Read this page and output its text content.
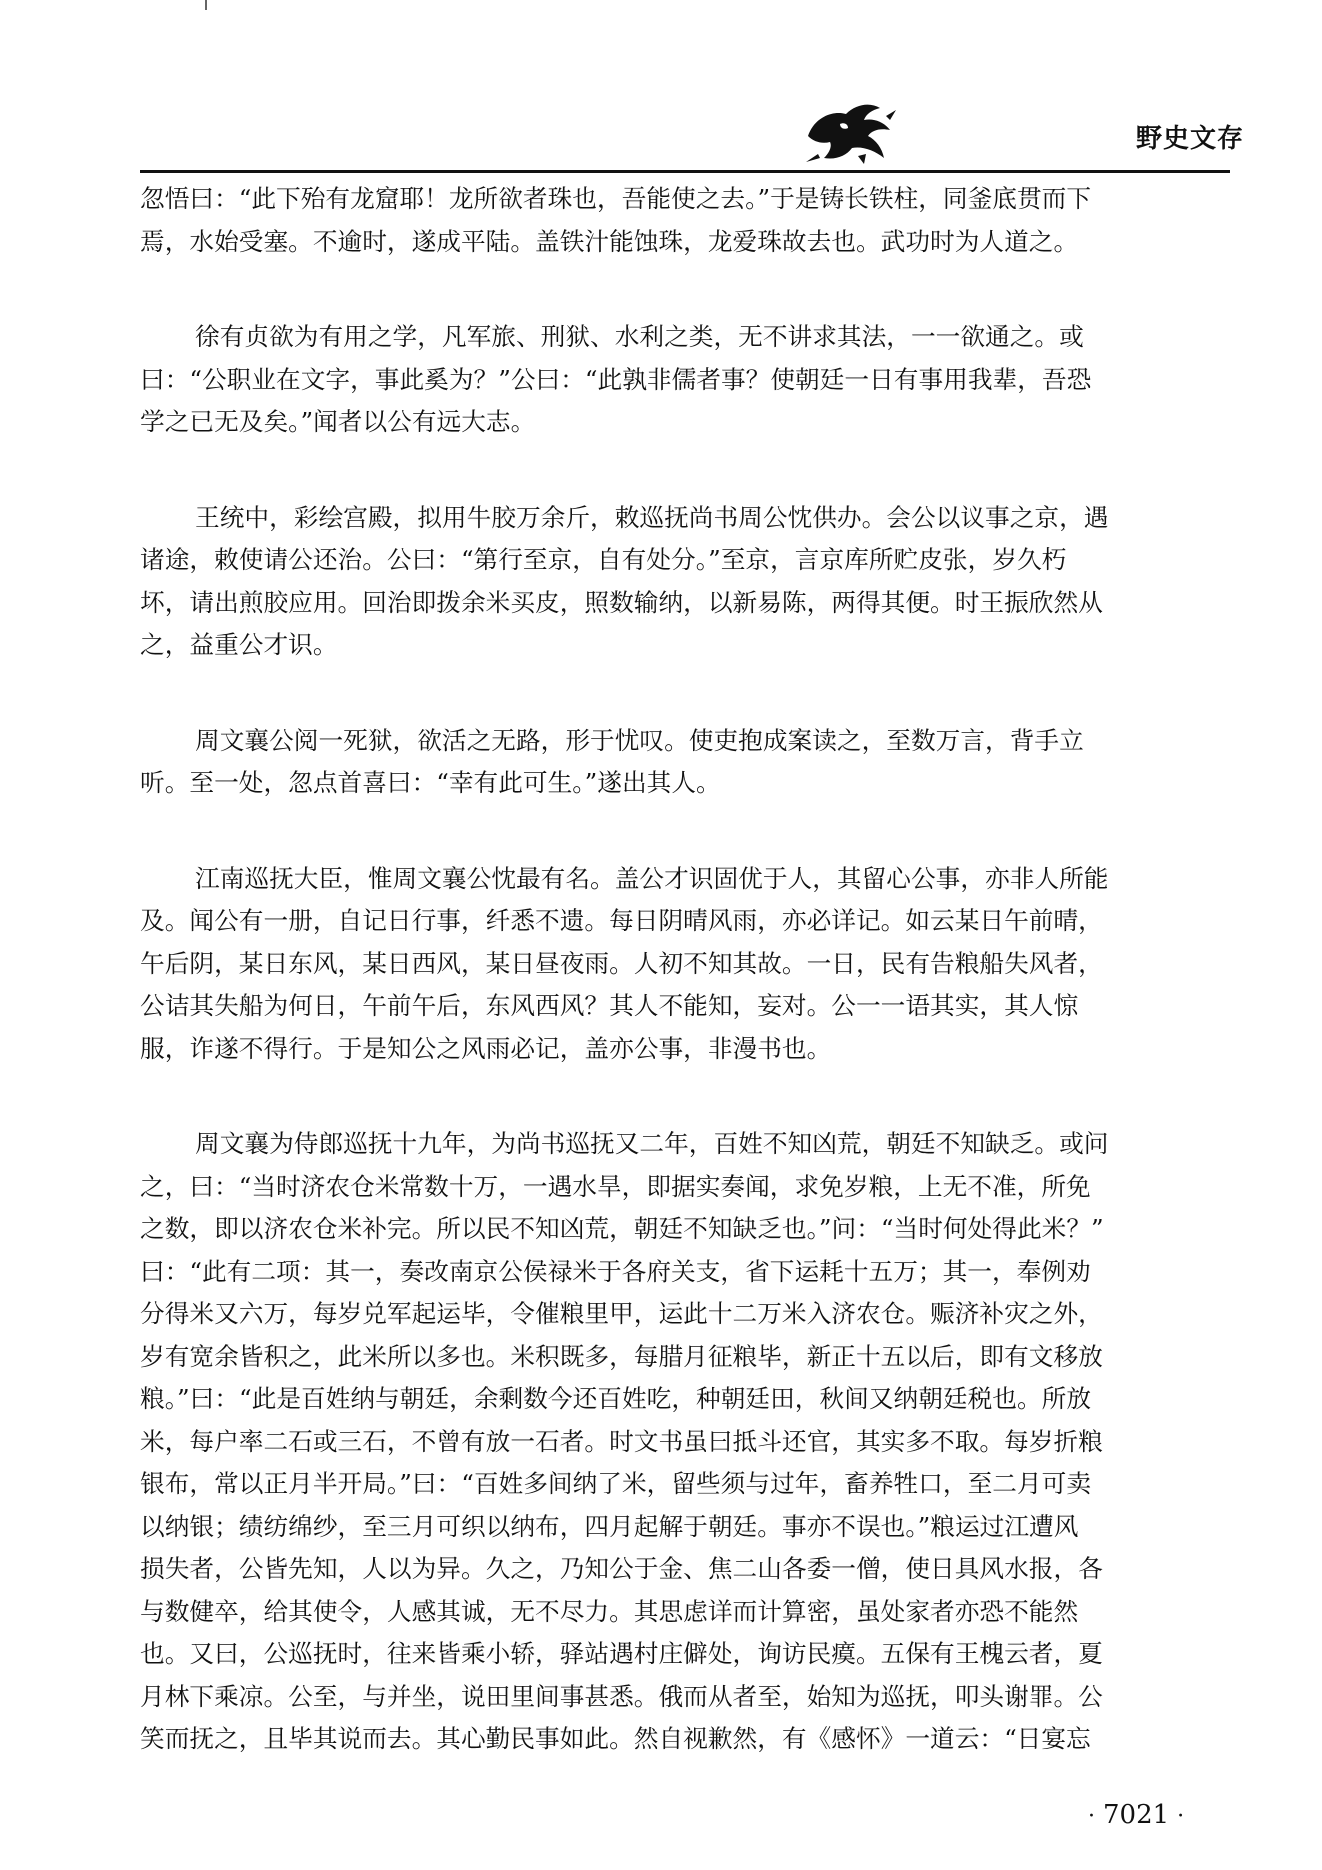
野史文存
忽悟曰：“此下殆有龙窟耶！龙所欲者珠也，吾能使之去。”于是铸长铁柱，同釜底贯而下
焉，水始受塞。不逾时，遂成平陆。盖铁汁能蚀珠，龙爱珠故去也。武功时为人道之。
徐有贞欲为有用之学，凡军旅、刑狱、水利之类，无不讲求其法，一一欲通之。或
曰：“公职业在文字，事此奚为？”公曰：“此孰非儒者事？使朝廷一日有事用我辈，吾恐
学之已无及矣。”闻者以公有远大志。
王统中，彩绘宫殿，拟用牛胶万余斤，敕巡抚尚书周公忱供办。会公以议事之京，遇
诸途，敕使请公还治。公曰：“第行至京，自有处分。”至京，言京库所贮皮张，岁久朽
坏，请出煎胶应用。回治即拨余米买皮，照数输纳，以新易陈，两得其便。时王振欣然从
之，益重公才识。
周文襄公阅一死狱，欲活之无路，形于忧叹。使吏抱成案读之，至数万言，背手立
听。至一处，忽点首喜曰：“幸有此可生。”遂出其人。
江南巡抚大臣，惟周文襄公忱最有名。盖公才识固优于人，其留心公事，亦非人所能
及。闻公有一册，自记日行事，纤悉不遗。每日阴晴风雨，亦必详记。如云某日午前晴，
午后阴，某日东风，某日西风，某日昼夜雨。人初不知其故。一日，民有告粮船失风者，
公诘其失船为何日，午前午后，东风西风？其人不能知，妄对。公一一语其实，其人惊
服，诈遂不得行。于是知公之风雨必记，盖亦公事，非漫书也。
周文襄为侍郎巡抚十九年，为尚书巡抚又二年，百姓不知凶荒，朝廷不知缺乏。或问
之，曰：“当时济农仓米常数十万，一遇水旱，即据实奏闻，求免岁粮，上无不准，所免
之数，即以济农仓米补完。所以民不知凶荒，朝廷不知缺乏也。”问：“当时何处得此米？”
曰：“此有二项：其一，奏改南京公侯禄米于各府关支，省下运耗十五万；其一，奉例劝
分得米又六万，每岁兑军起运毕，令催粮里甲，运此十二万米入济农仓。赈济补灾之外，
岁有宽余皆积之，此米所以多也。米积既多，每腊月征粮毕，新正十五以后，即有文移放
粮。”曰：“此是百姓纳与朝廷，余剩数今还百姓吃，种朝廷田，秋间又纳朝廷税也。所放
米，每户率二石或三石，不曾有放一石者。时文书虽曰抵斗还官，其实多不取。每岁折粮
银布，常以正月半开局。”曰：“百姓多间纳了米，留些须与过年，畜养牲口，至二月可卖
以纳银；绩纺绵纱，至三月可织以纳布，四月起解于朝廷。事亦不误也。”粮运过江遭风
损失者，公皆先知，人以为异。久之，乃知公于金、焦二山各委一僧，使日具风水报，各
与数健卒，给其使令，人感其诚，无不尽力。其思虑详而计算密，虽处家者亦恐不能然
也。又曰，公巡抚时，往来皆乘小轿，驿站遇村庄僻处，询访民瘼。五保有王槐云者，夏
月林下乘凉。公至，与并坐，说田里间事甚悉。俄而从者至，始知为巡抚，叩头谢罪。公
笑而抚之，且毕其说而去。其心勤民事如此。然自视歉然，有《感怀》一道云：“日宴忘
· 7021 ·
